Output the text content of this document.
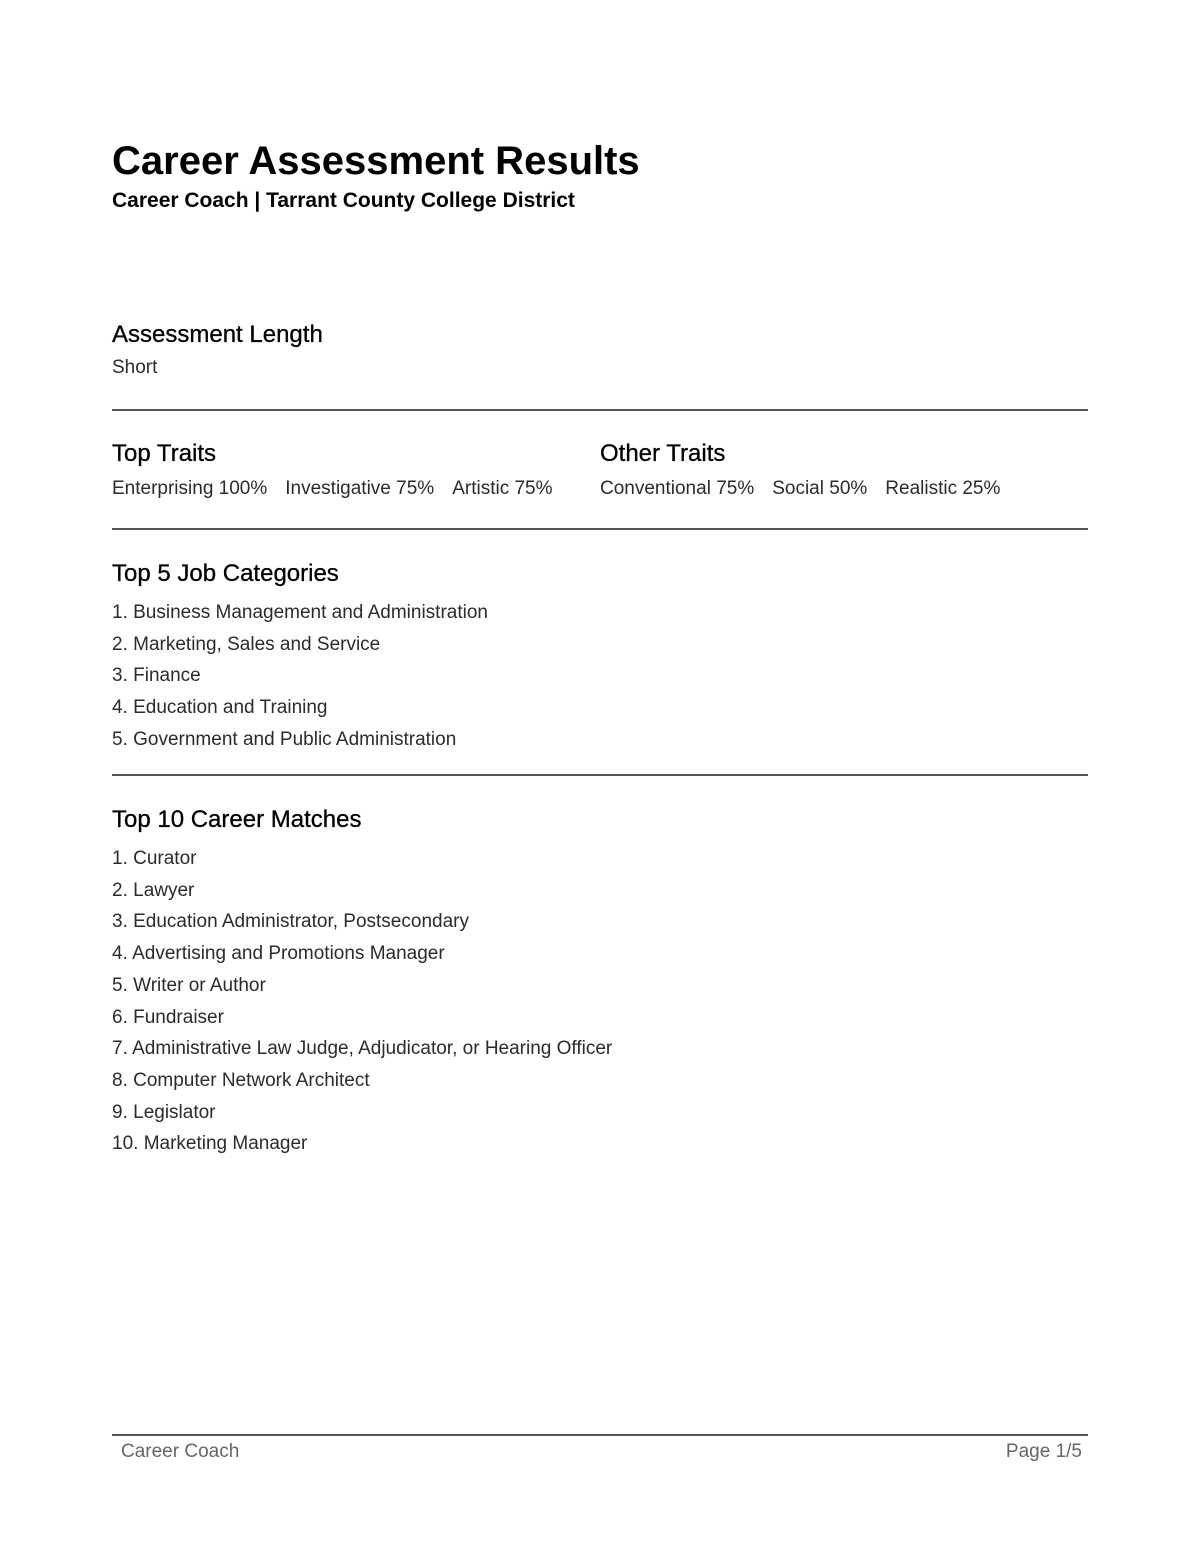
Career Assessment Results
Career Coach | Tarrant County College District
Assessment Length
Short
Top Traits
Enterprising 100% Investigative 75% Artistic 75%
Other Traits
Conventional 75% Social 50% Realistic 25%
Top 5 Job Categories
1. Business Management and Administration
2. Marketing, Sales and Service
3. Finance
4. Education and Training
5. Government and Public Administration
Top 10 Career Matches
1. Curator
2. Lawyer
3. Education Administrator, Postsecondary
4. Advertising and Promotions Manager
5. Writer or Author
6. Fundraiser
7. Administrative Law Judge, Adjudicator, or Hearing Officer
8. Computer Network Architect
9. Legislator
10. Marketing Manager
Career Coach	Page 1/5
